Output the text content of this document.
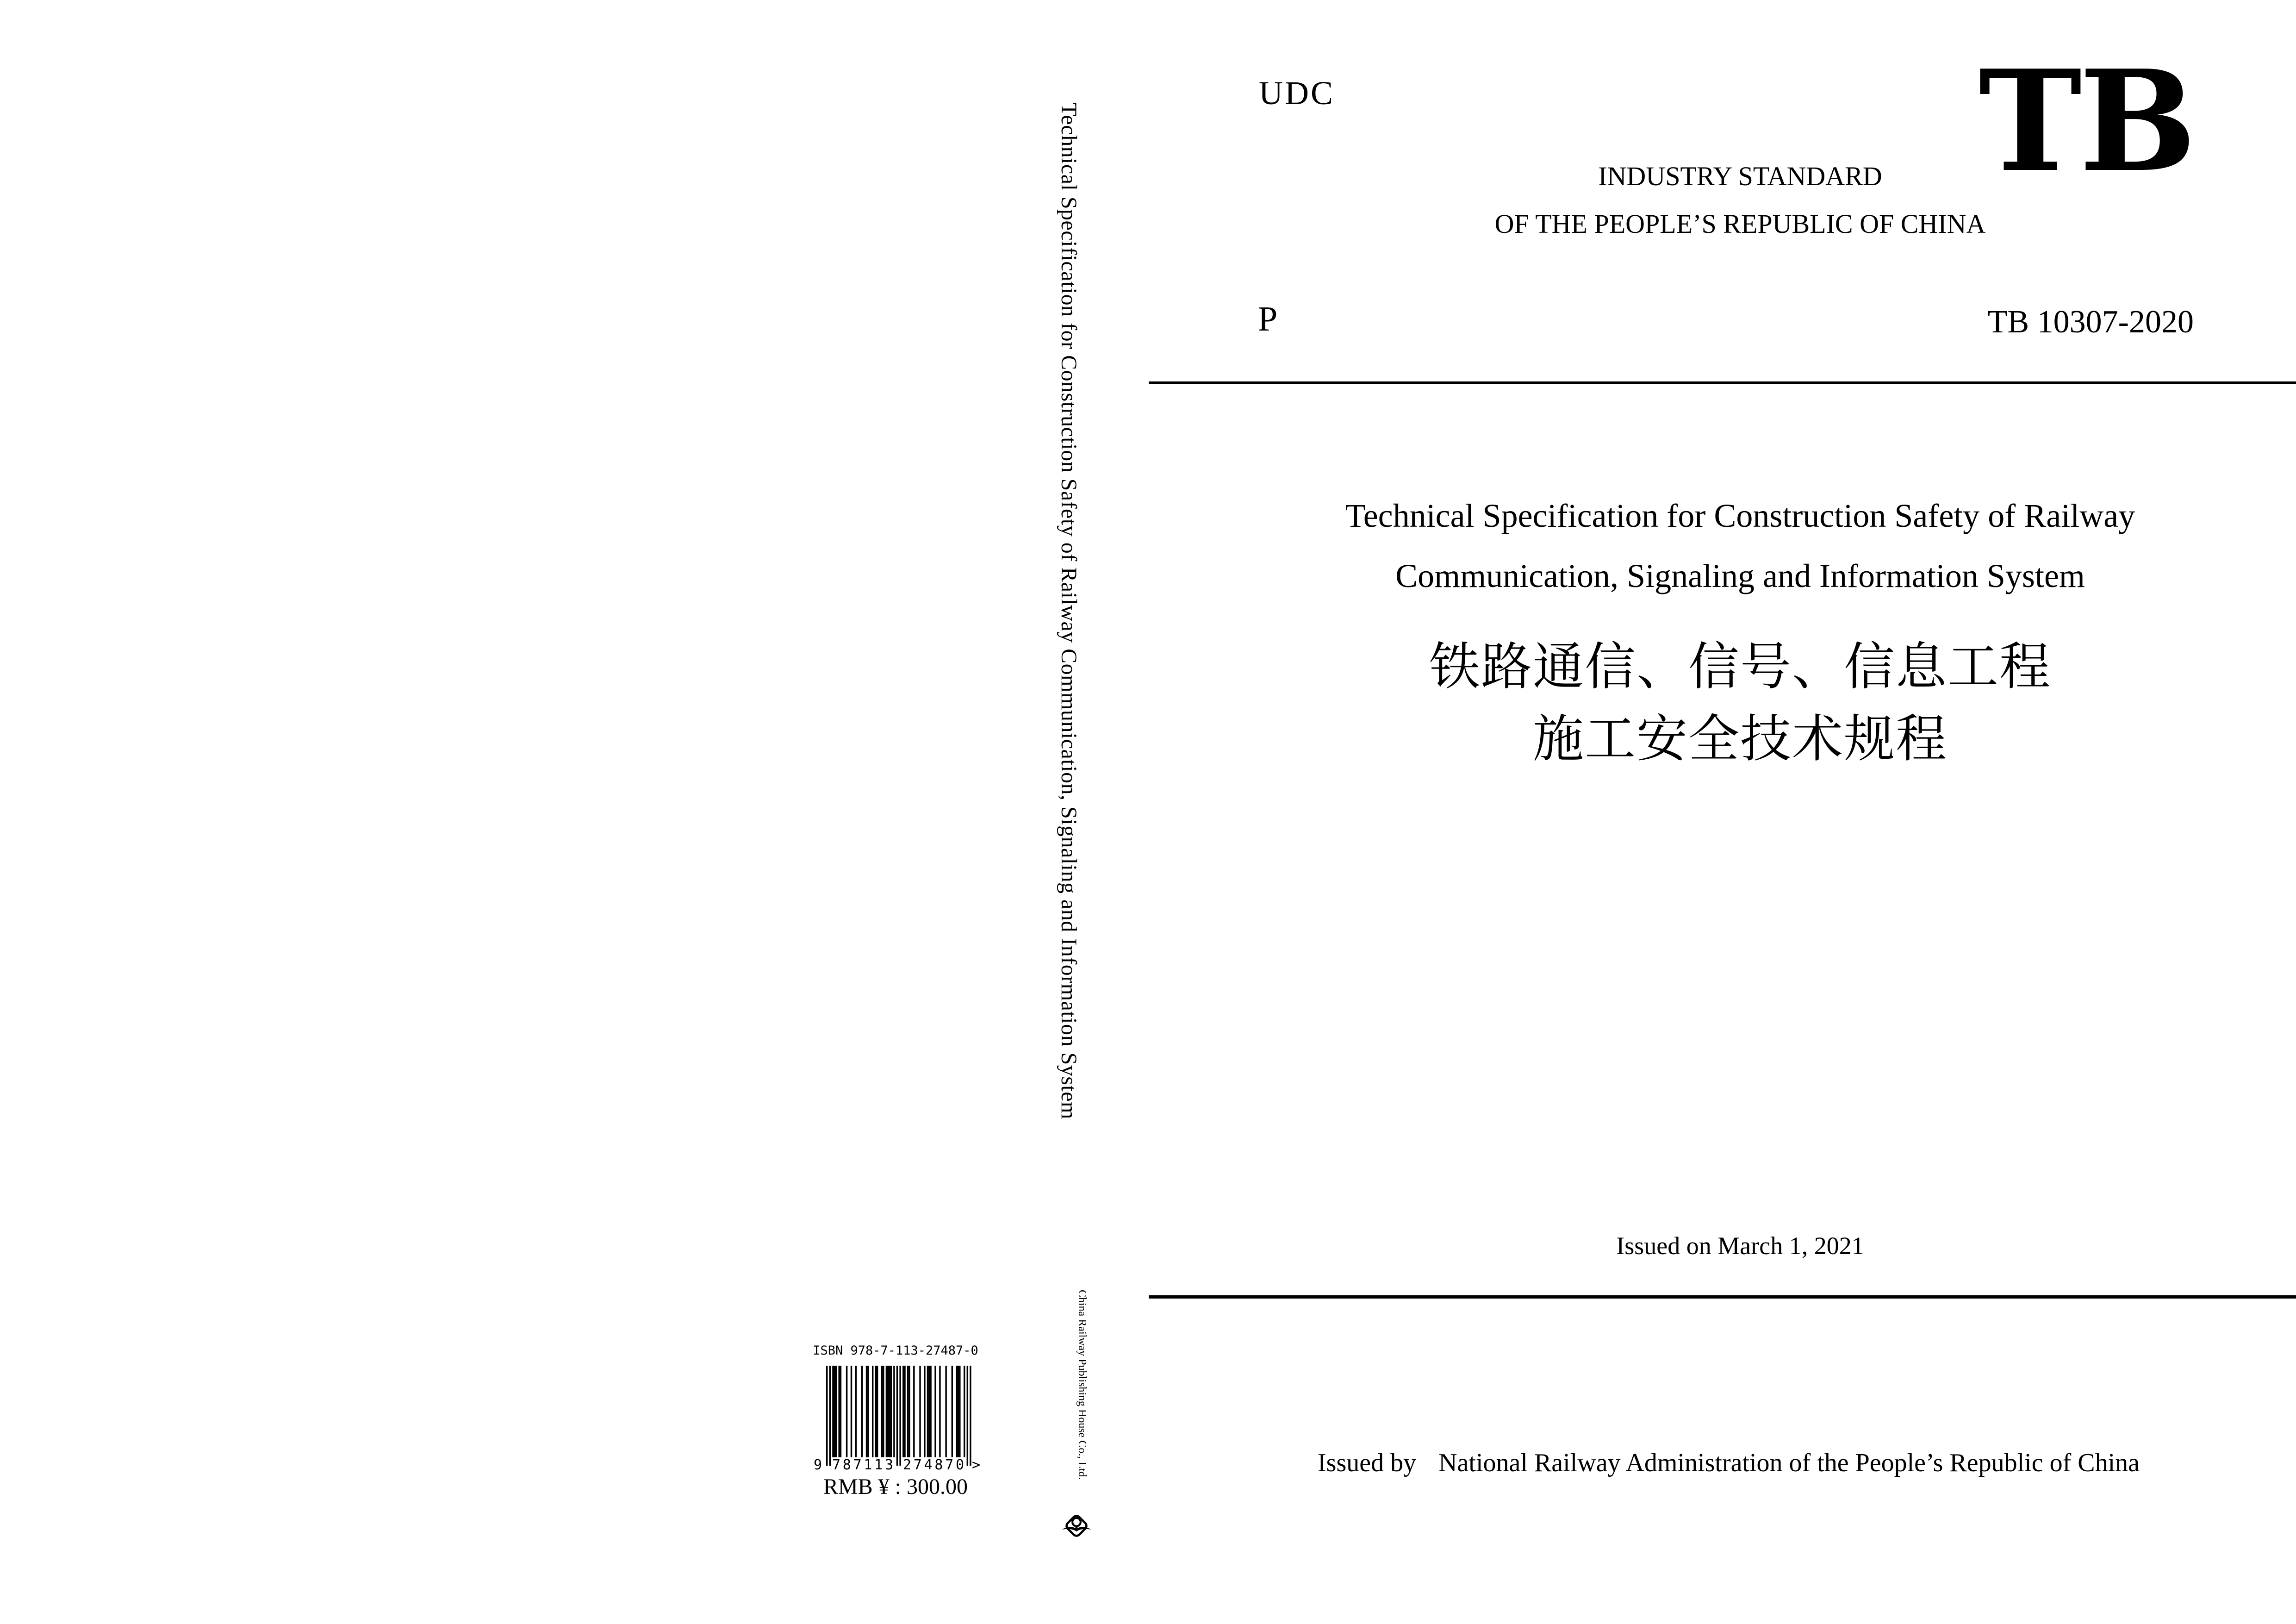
Technical Specification for Construction Safety of Railway Communication, Signaling and Information System
China Railway Publishing House Co., Ltd.
ISBN 978-7-113-27487-0
9 787113 274870 >
RMB ¥ : 300.00
UDC	TB
INDUSTRY STANDARD
OF THE PEOPLE’S REPUBLIC OF CHINA
P	TB 10307-2020
Technical Specification for Construction Safety of Railway
Communication, Signaling and Information System
铁路通信、信号、信息工程
施工安全技术规程
Issued on March 1, 2021
Issued by National Railway Administration of the People’s Republic of China
